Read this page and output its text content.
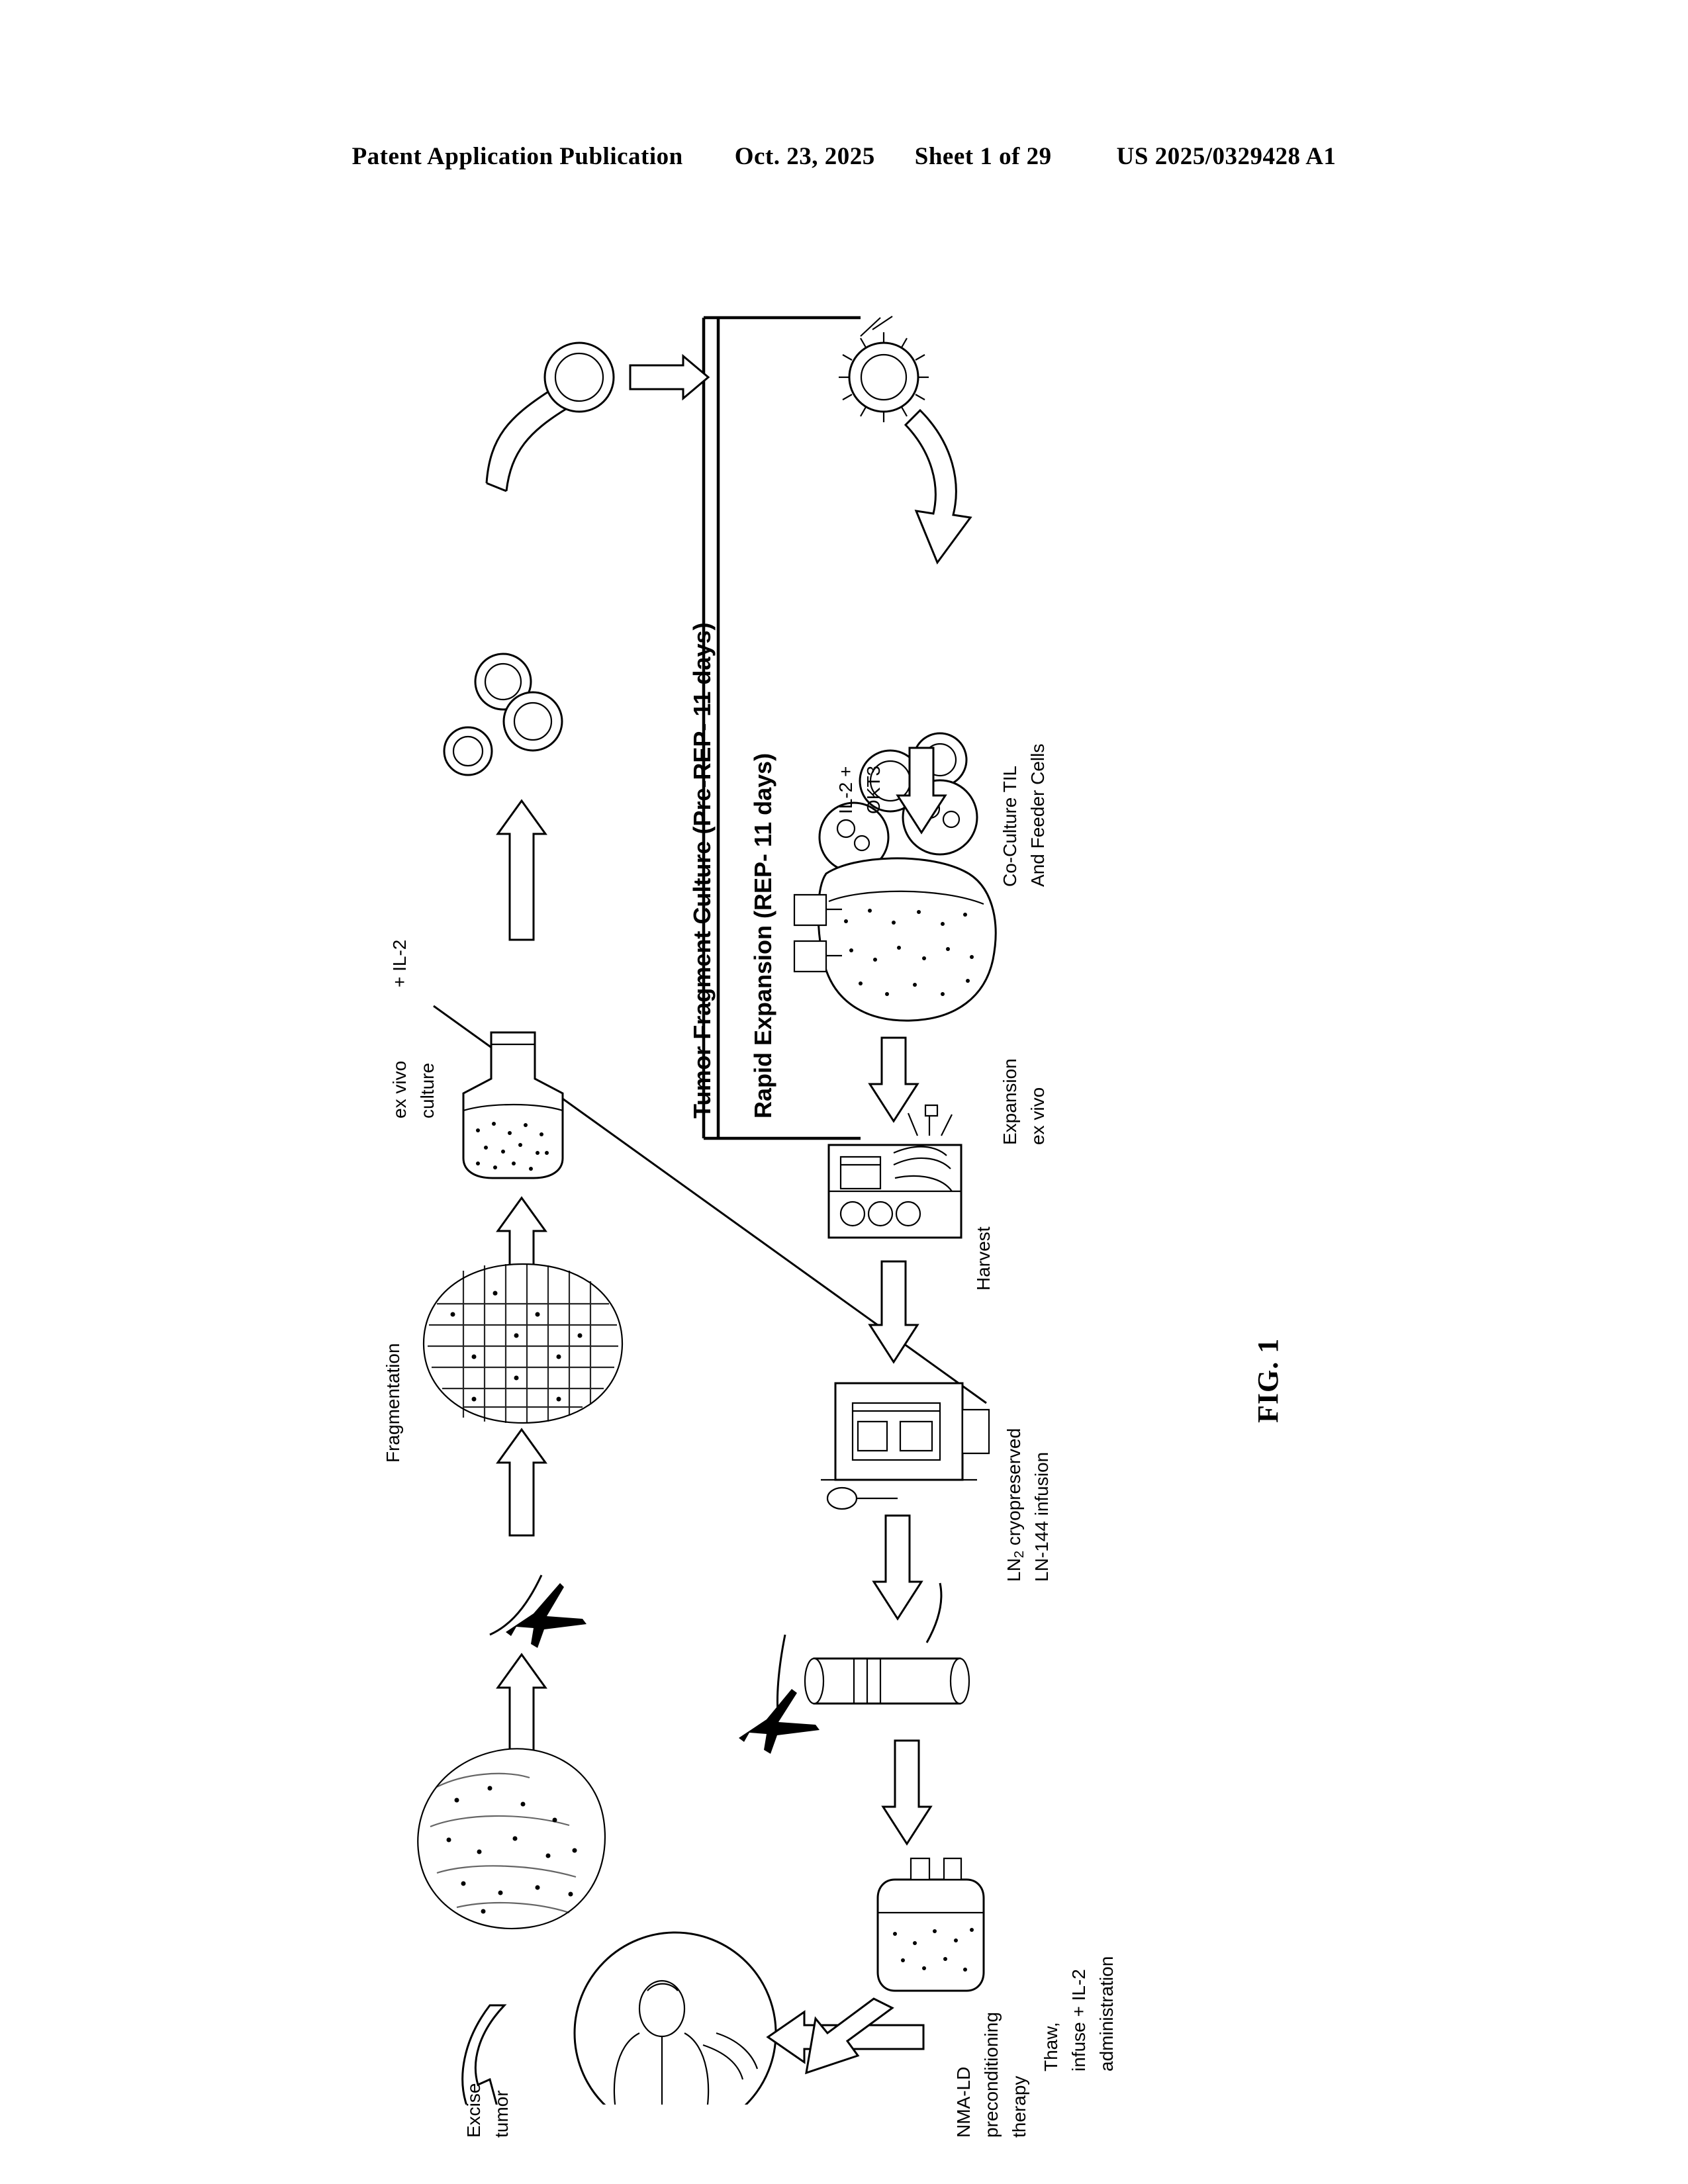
Patent Application Publication Oct. 23, 2025 Sheet 1 of 29	US 2025/0329428 A1
Tumor Fragment Culture (Pre-REP- 11 days) Rapid Expansion (REP- 11 days)
FIG. 1
Excise tumor
Fragmentation
ex vivo culture
+ IL-2
Co-Culture TIL And Feeder Cells
IL-2 + OKT3
Expansion ex vivo
Harvest
$LN_2$ cryopreserved LN-144 infusion
NMA-LD preconditioning therapy
Thaw, infuse + IL-2 administration
